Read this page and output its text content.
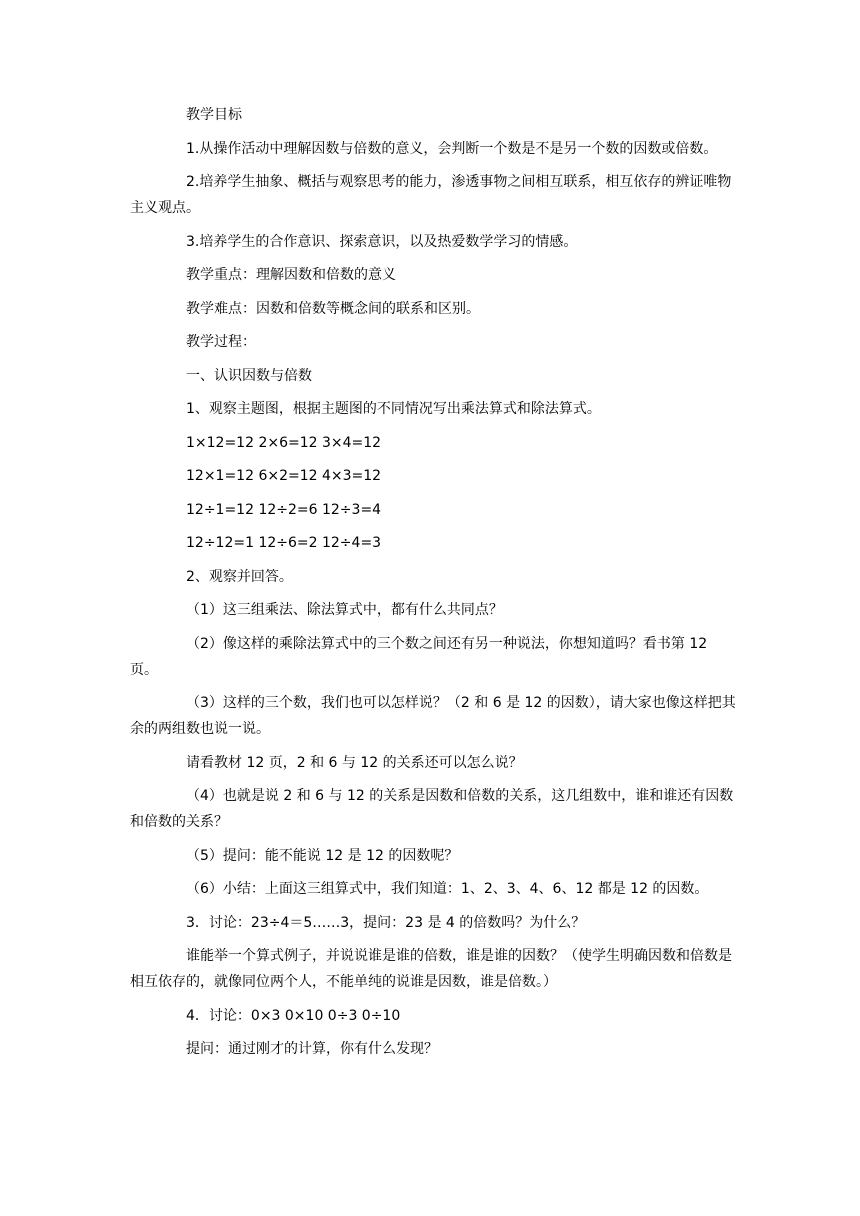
教学目标

1.从操作活动中理解因数与倍数的意义，会判断一个数是不是另一个数的因数或倍数。

2.培养学生抽象、概括与观察思考的能力，渗透事物之间相互联系，相互依存的辨证唯物主义观点。

3.培养学生的合作意识、探索意识，以及热爱数学学习的情感。

教学重点：理解因数和倍数的意义

教学难点：因数和倍数等概念间的联系和区别。

教学过程：

一、认识因数与倍数

1、观察主题图，根据主题图的不同情况写出乘法算式和除法算式。

1×12=12 2×6=12 3×4=12

12×1=12 6×2=12 4×3=12

12÷1=12 12÷2=6 12÷3=4

12÷12=1 12÷6=2 12÷4=3

2、观察并回答。

（1）这三组乘法、除法算式中，都有什么共同点？

（2）像这样的乘除法算式中的三个数之间还有另一种说法，你想知道吗？看书第 12 页。

（3）这样的三个数，我们也可以怎样说？（2 和 6 是 12 的因数），请大家也像这样把其余的两组数也说一说。

请看教材 12 页，2 和 6 与 12 的关系还可以怎么说？

（4）也就是说 2 和 6 与 12 的关系是因数和倍数的关系，这几组数中，谁和谁还有因数和倍数的关系？

（5）提问：能不能说 12 是 12 的因数呢？

（6）小结：上面这三组算式中，我们知道：1、2、3、4、6、12 都是 12 的因数。

3．讨论：23÷4＝5……3，提问：23 是 4 的倍数吗？为什么？

谁能举一个算式例子，并说说谁是谁的倍数，谁是谁的因数？（使学生明确因数和倍数是相互依存的，就像同位两个人，不能单纯的说谁是因数，谁是倍数。）

4．讨论：0×3 0×10 0÷3 0÷10

提问：通过刚才的计算，你有什么发现？
